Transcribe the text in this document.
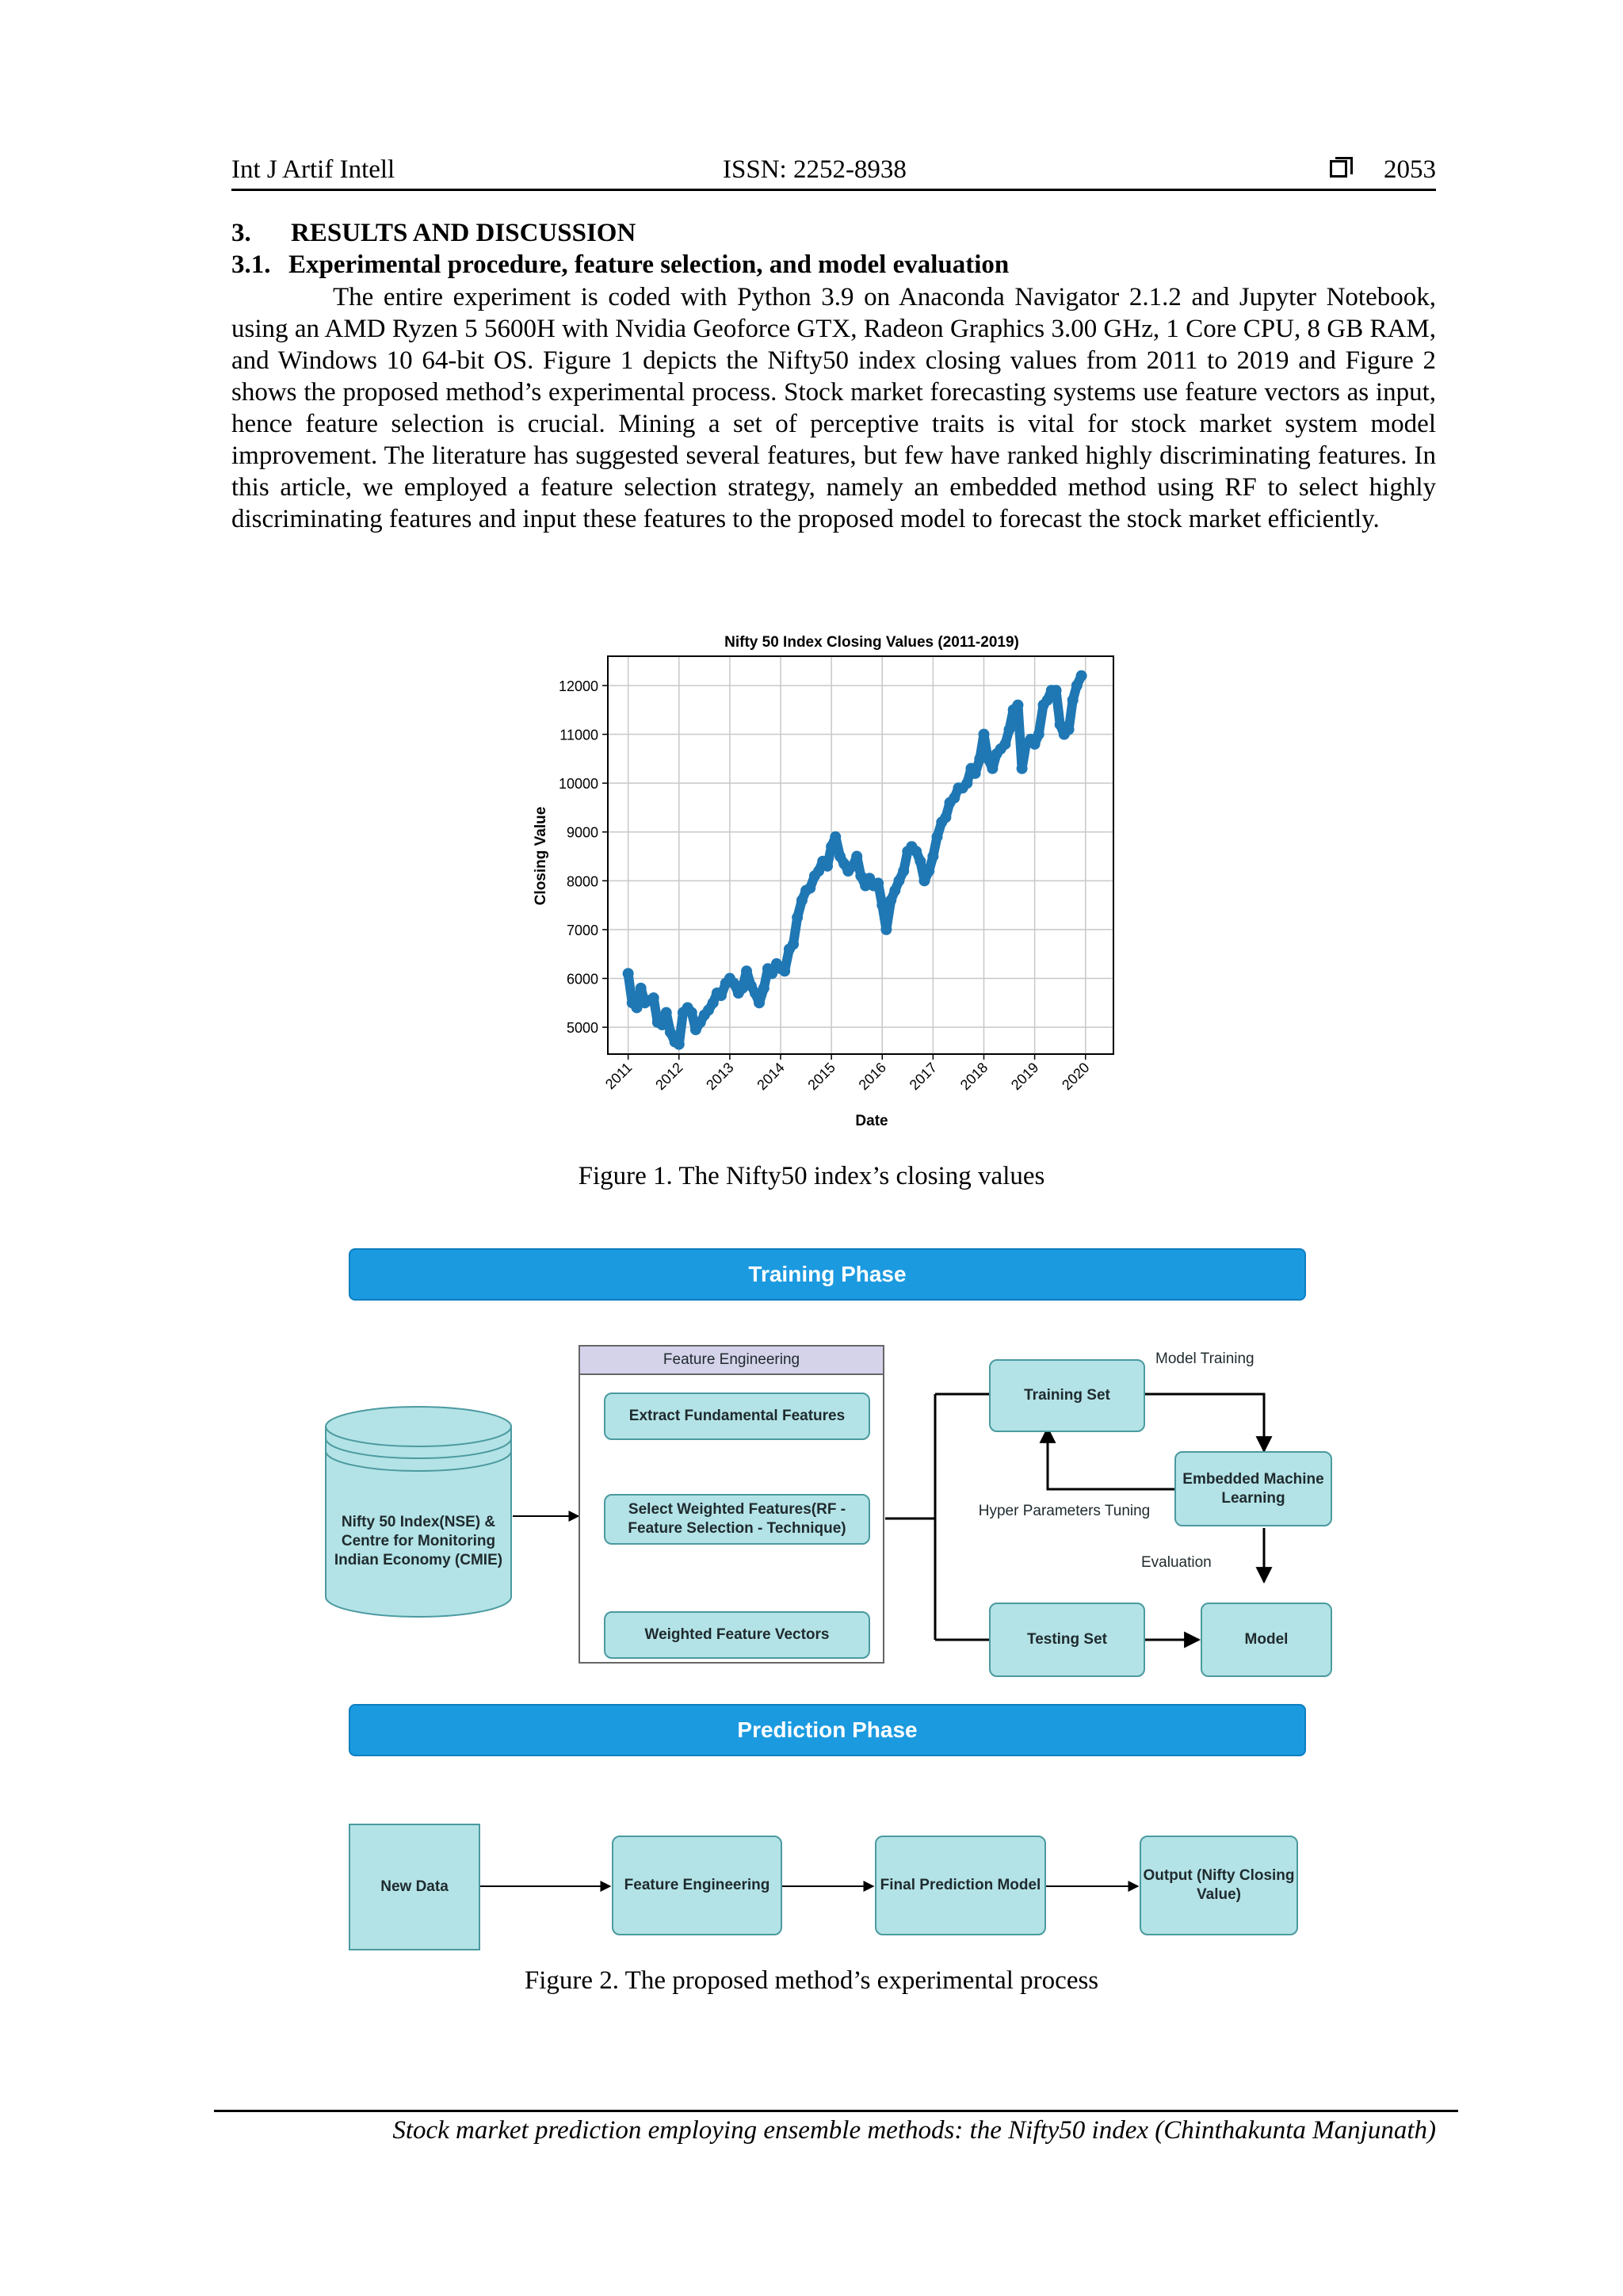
Int J Artif Intell	ISSN: 2252-8938	2053
3. RESULTS AND DISCUSSION
3.1. Experimental procedure, feature selection, and model evaluation

The entire experiment is coded with Python 3.9 on Anaconda Navigator 2.1.2 and Jupyter Notebook, using an AMD Ryzen 5 5600H with Nvidia Geoforce GTX, Radeon Graphics 3.00 GHz, 1 Core CPU, 8 GB RAM, and Windows 10 64-bit OS. Figure 1 depicts the Nifty50 index closing values from 2011 to 2019 and Figure 2 shows the proposed method’s experimental process. Stock market forecasting systems use feature vectors as input, hence feature selection is crucial. Mining a set of perceptive traits is vital for stock market system model improvement. The literature has suggested several features, but few have ranked highly discriminating features. In this article, we employed a feature selection strategy, namely an embedded method using RF to select highly discriminating features and input these features to the proposed model to forecast the stock market efficiently.

Nifty 50 Index Closing Values (2011-2019)
5000
6000
7000
8000
9000
10000
11000
12000
2011 2012 2013 2014 2015 2016 2017 2018 2019 2020
Date
Closing Value
Figure 1. The Nifty50 index’s closing values
Training Phase
Nifty 50 Index(NSE) & Centre for Monitoring Indian Economy (CMIE)
Feature Engineering
Extract Fundamental Features
Select Weighted Features(RF - Feature Selection - Technique)
Weighted Feature Vectors
Training Set
Testing Set
Embedded Machine Learning
Model
Model Training
Hyper Parameters Tuning
Evaluation
Prediction Phase
New Data	Feature Engineering	Final Prediction Model
Output (Nifty Closing Value)
Figure 2. The proposed method’s experimental process
Stock market prediction employing ensemble methods: the Nifty50 index (Chinthakunta Manjunath)
